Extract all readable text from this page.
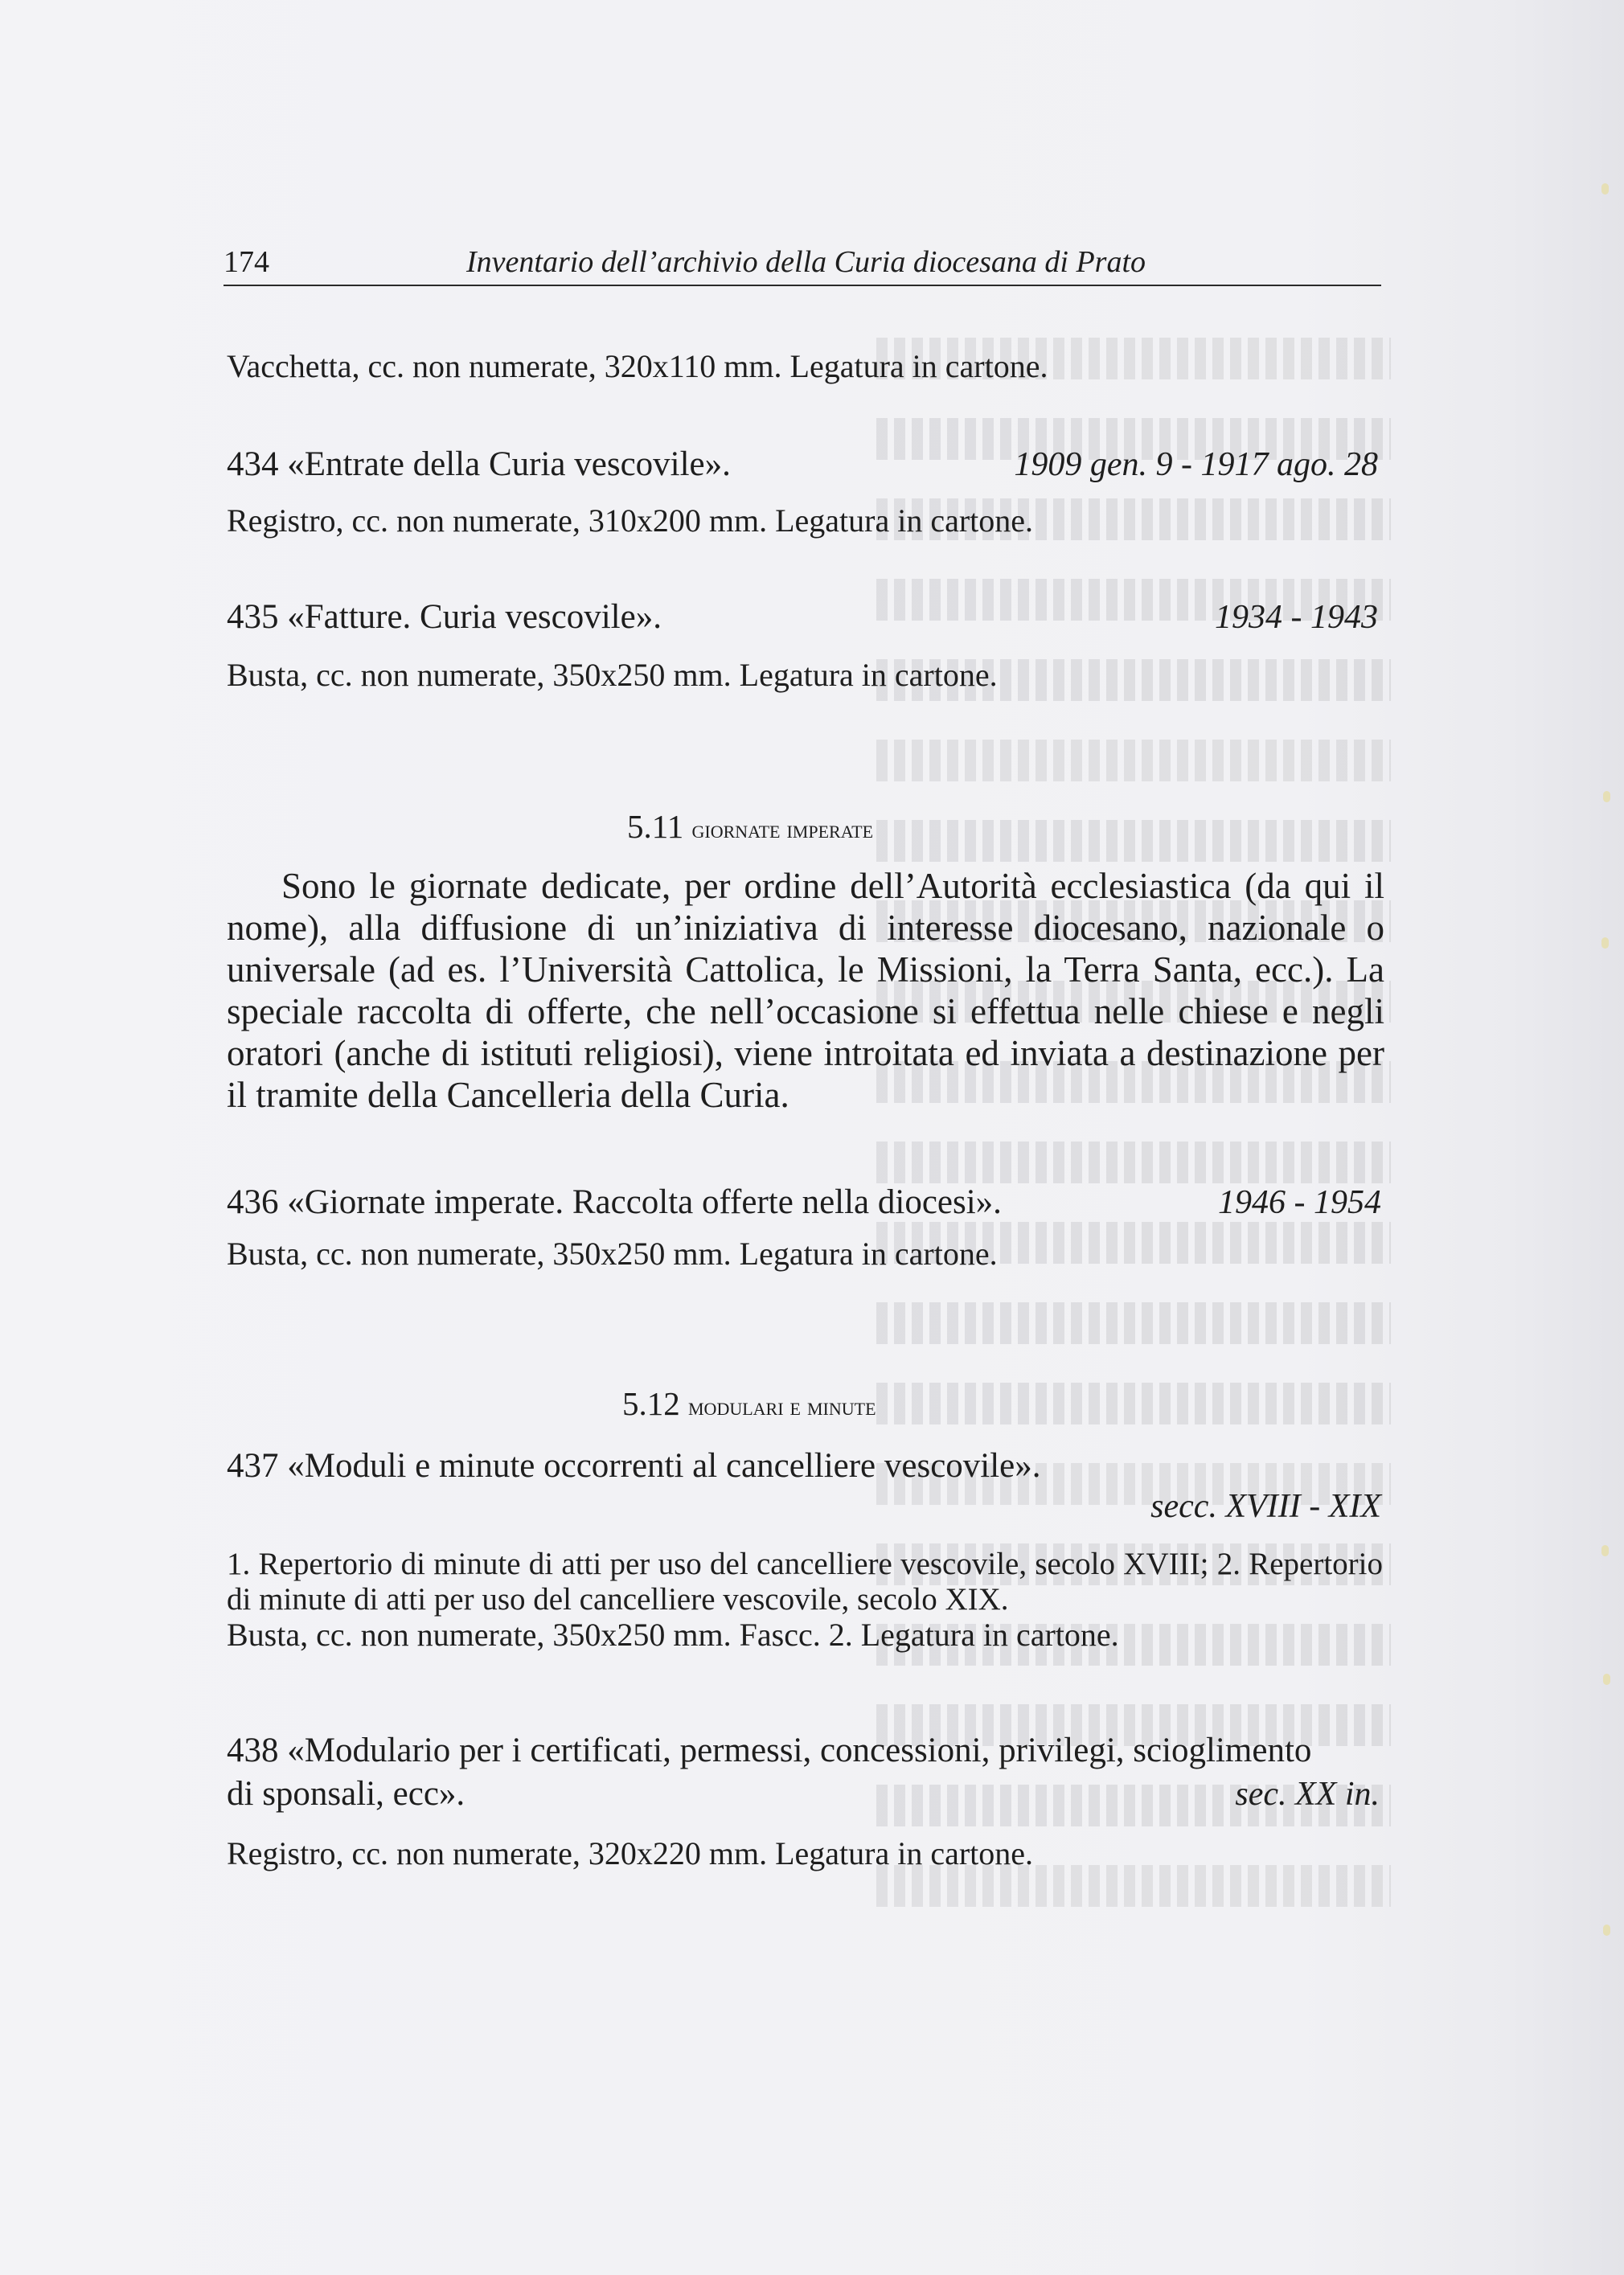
174	Inventario dell’archivio della Curia diocesana di Prato
Vacchetta, cc. non numerate, 320x110 mm. Legatura in cartone.
434 «Entrate della Curia vescovile».	1909 gen. 9 - 1917 ago. 28
Registro, cc. non numerate, 310x200 mm. Legatura in cartone.
435 «Fatture. Curia vescovile».	1934 - 1943
Busta, cc. non numerate, 350x250 mm. Legatura in cartone.
5.11 giornate imperate

Sono le giornate dedicate, per ordine dell’Autorità ecclesiastica (da qui il nome), alla diffusione di un’iniziativa di interesse diocesano, nazionale o universale (ad es. l’Università Cattolica, le Missioni, la Terra Santa, ecc.). La speciale raccolta di offerte, che nell’occasione si effettua nelle chiese e negli oratori (anche di istituti religiosi), viene introitata ed inviata a destinazione per il tramite della Cancelleria della Curia.

436 «Giornate imperate. Raccolta offerte nella diocesi».	1946 - 1954
Busta, cc. non numerate, 350x250 mm. Legatura in cartone.
5.12 modulari e minute
437 «Moduli e minute occorrenti al cancelliere vescovile».
secc. XVIII - XIX

1. Repertorio di minute di atti per uso del cancelliere vescovile, secolo XVIII; 2. Repertorio di minute di atti per uso del cancelliere vescovile, secolo XIX.

Busta, cc. non numerate, 350x250 mm. Fascc. 2. Legatura in cartone.
438 «Modulario per i certificati, permessi, concessioni, privilegi, scioglimento
di sponsali, ecc».	sec. XX in.
Registro, cc. non numerate, 320x220 mm. Legatura in cartone.
